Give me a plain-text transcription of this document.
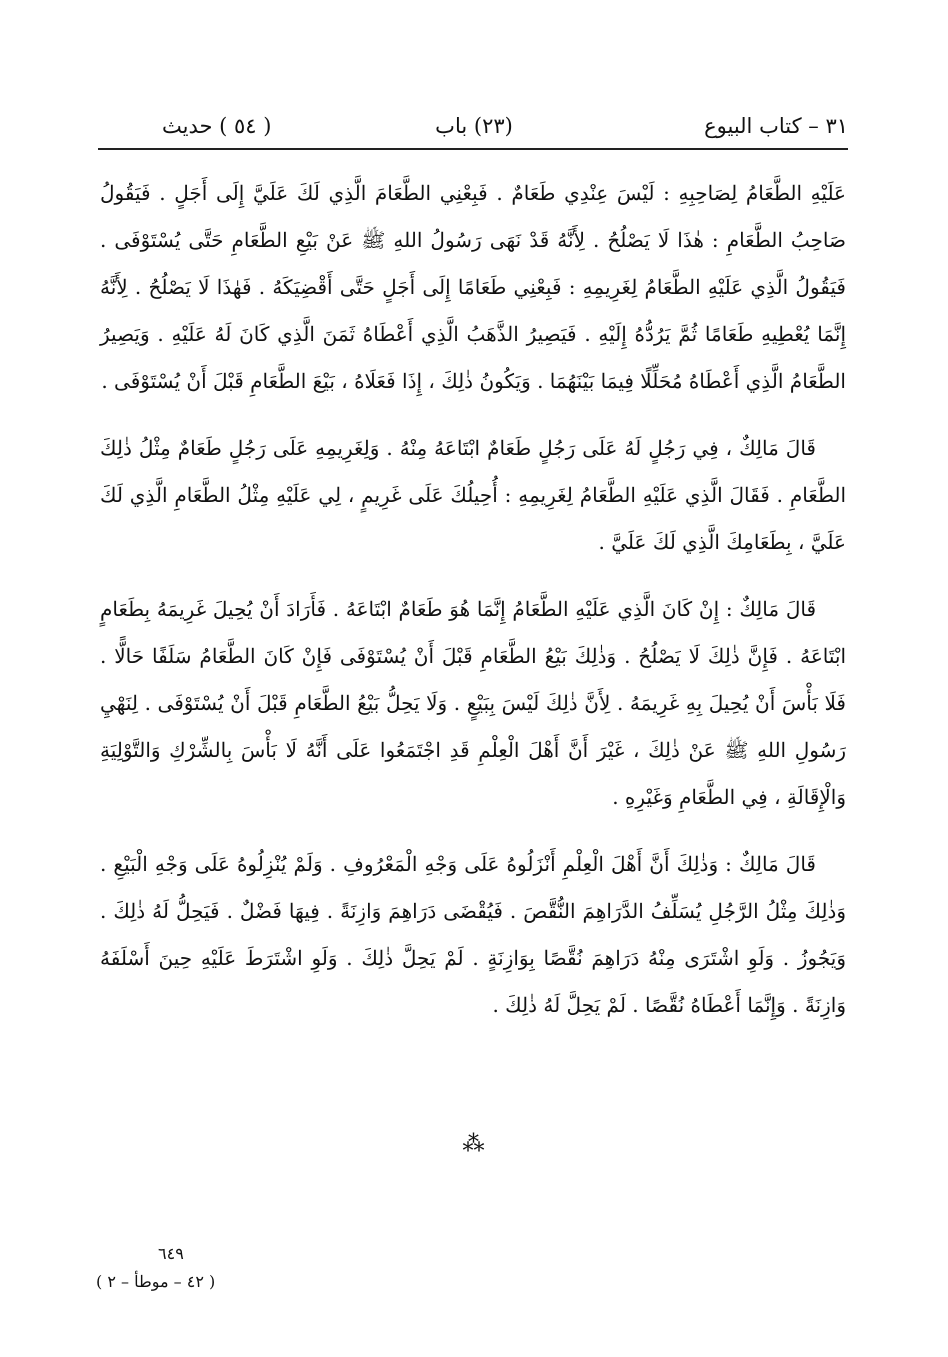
٣١ – كتاب البيوع
(٢٣) باب
( ٥٤ ) حديث

عَلَيْهِ الطَّعَامُ لِصَاحِبِهِ : لَيْسَ عِنْدِي طَعَامٌ . فَبِعْنِي الطَّعَامَ الَّذِي لَكَ عَلَيَّ إِلَى أَجَلٍ . فَيَقُولُ صَاحِبُ الطَّعَامِ : هٰذَا لَا يَصْلُحُ . لِأَنَّهُ قَدْ نَهَى رَسُولُ اللهِ ﷺ عَنْ بَيْعِ الطَّعَامِ حَتَّى يُسْتَوْفَى . فَيَقُولُ الَّذِي عَلَيْهِ الطَّعَامُ لِغَرِيمِهِ : فَبِعْنِي طَعَامًا إِلَى أَجَلٍ حَتَّى أَقْضِيَكَهُ . فَهٰذَا لَا يَصْلُحُ . لِأَنَّهُ إِنَّمَا يُعْطِيهِ طَعَامًا ثُمَّ يَرُدُّهُ إِلَيْهِ . فَيَصِيرُ الذَّهَبُ الَّذِي أَعْطَاهُ ثَمَنَ الَّذِي كَانَ لَهُ عَلَيْهِ . وَيَصِيرُ الطَّعَامُ الَّذِي أَعْطَاهُ مُحَلِّلًا فِيمَا بَيْنَهُمَا . وَيَكُونُ ذٰلِكَ ، إِذَا فَعَلَاهُ ، بَيْعَ الطَّعَامِ قَبْلَ أَنْ يُسْتَوْفَى .

قَالَ مَالِكٌ ، فِي رَجُلٍ لَهُ عَلَى رَجُلٍ طَعَامٌ ابْتَاعَهُ مِنْهُ . وَلِغَرِيمِهِ عَلَى رَجُلٍ طَعَامٌ مِثْلُ ذٰلِكَ الطَّعَامِ . فَقَالَ الَّذِي عَلَيْهِ الطَّعَامُ لِغَرِيمِهِ : أُحِيلُكَ عَلَى غَرِيمٍ ، لِي عَلَيْهِ مِثْلُ الطَّعَامِ الَّذِي لَكَ عَلَيَّ ، بِطَعَامِكَ الَّذِي لَكَ عَلَيَّ .

قَالَ مَالِكٌ : إِنْ كَانَ الَّذِي عَلَيْهِ الطَّعَامُ إِنَّمَا هُوَ طَعَامٌ ابْتَاعَهُ . فَأَرَادَ أَنْ يُحِيلَ غَرِيمَهُ بِطَعَامٍ ابْتَاعَهُ . فَإِنَّ ذٰلِكَ لَا يَصْلُحُ . وَذٰلِكَ بَيْعُ الطَّعَامِ قَبْلَ أَنْ يُسْتَوْفَى فَإِنْ كَانَ الطَّعَامُ سَلَفًا حَالًّا . فَلَا بَأْسَ أَنْ يُحِيلَ بِهِ غَرِيمَهُ . لِأَنَّ ذٰلِكَ لَيْسَ بِبَيْعٍ . وَلَا يَحِلُّ بَيْعُ الطَّعَامِ قَبْلَ أَنْ يُسْتَوْفَى . لِنَهْيِ رَسُولِ اللهِ ﷺ عَنْ ذٰلِكَ ، غَيْرَ أَنَّ أَهْلَ الْعِلْمِ قَدِ اجْتَمَعُوا عَلَى أَنَّهُ لَا بَأْسَ بِالشِّرْكِ وَالتَّوْلِيَةِ وَالْإِقَالَةِ ، فِي الطَّعَامِ وَغَيْرِهِ .

قَالَ مَالِكٌ : وَذٰلِكَ أَنَّ أَهْلَ الْعِلْمِ أَنْزَلُوهُ عَلَى وَجْهِ الْمَعْرُوفِ . وَلَمْ يُنْزِلُوهُ عَلَى وَجْهِ الْبَيْعِ . وَذٰلِكَ مِثْلُ الرَّجُلِ يُسَلِّفُ الدَّرَاهِمَ النُّقَّصَ . فَيُقْضَى دَرَاهِمَ وَازِنَةً . فِيهَا فَضْلٌ . فَيَحِلُّ لَهُ ذٰلِكَ . وَيَجُوزُ . وَلَوِ اشْتَرَى مِنْهُ دَرَاهِمَ نُقَّصًا بِوَازِنَةٍ . لَمْ يَحِلَّ ذٰلِكَ . وَلَوِ اشْتَرَطَ عَلَيْهِ حِينَ أَسْلَفَهُ وَازِنَةً . وَإِنَّمَا أَعْطَاهُ نُقَّصًا . لَمْ يَحِلَّ لَهُ ذٰلِكَ .

⁂
٦٤٩
( ٤٢ – موطأ – ٢ )
